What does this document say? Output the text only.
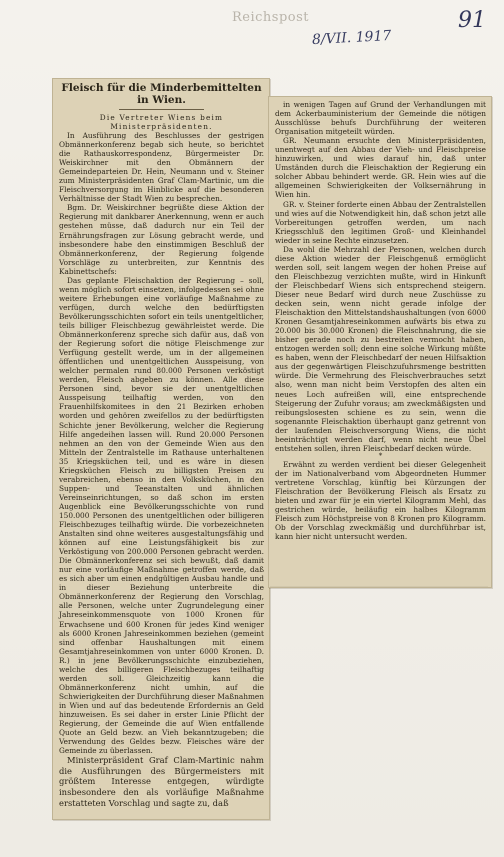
Reichspost
8/VII. 1917
91

Fleisch für die Minderbemittelten in Wien.

Die Vertreter Wiens beim Ministerpräsidenten.

In Ausführung des Beschlusses der gestrigen Obmännerkonferenz begab sich heute, so berichtet die Rathauskorrespondenz, Bürgermeister Dr. Weiskirchner mit den Obmännern der Gemeindeparteien Dr. Hein, Neumann und v. Steiner zum Ministerpräsidenten Graf Clam-Martinic, um die Fleischversorgung im Hinblicke auf die besonderen Verhältnisse der Stadt Wien zu besprechen.

Bgm. Dr. Weiskirchner begrüßte diese Aktion der Regierung mit dankbarer Anerkennung, wenn er auch gestehen müsse, daß dadurch nur ein Teil der Ernährungsfragen zur Lösung gebracht werde, und insbesondere habe den einstimmigen Beschluß der Obmännerkonferenz, der Regierung folgende Vorschläge zu unterbreiten, zur Kenntnis des Kabinettschefs:

Das geplante Fleischaktion der Regierung – soll, wenn möglich sofort einsetzen, infolgedessen sei ohne weitere Erhebungen eine vorläufige Maßnahme zu verfügen, durch welche den bedürftigsten Bevölkerungsschichten sofort ein teils unentgeltlicher, teils billiger Fleischbezug gewährleistet werde. Die Obmännerkonferenz spreche sich dafür aus, daß von der Regierung sofort die nötige Fleischmenge zur Verfügung gestellt werde, um in der allgemeinen öffentlichen und unentgeltlichen Ausspeisung, von welcher permalen rund 80.000 Personen verköstigt werden, Fleisch abgeben zu können. Alle diese Personen sind, bevor sie der unentgeltlichen Ausspeisung teilhaftig werden, von den Frauenhilfskomitees in den 21 Bezirken erhoben worden und gehören zweifellos zu der bedürftigsten Schichte jener Bevölkerung, welcher die Regierung Hilfe angedeihen lassen will. Rund 20.000 Personen nehmen an den von der Gemeinde Wien aus den Mitteln der Zentralstelle im Rathause unterhaltenen 35 Kriegsküchen teil, und es wäre in diesen Kriegsküchen Fleisch zu billigsten Preisen zu verabreichen, ebenso in den Volksküchen, in den Suppen- und Teeanstalten und ähnlichen Vereinseinrichtungen, so daß schon im ersten Augenblick eine Bevölkerungsschichte von rund 150.000 Personen des unentgeltlichen oder billigeren Fleischbezuges teilhaftig würde. Die vorbezeichneten Anstalten sind ohne weiteres ausgestaltungsfähig und können auf eine Leistungsfähigkeit bis zur Verköstigung von 200.000 Personen gebracht werden. Die Obmännerkonferenz sei sich bewußt, daß damit nur eine vorläufige Maßnahme getroffen werde, daß es sich aber um einen endgültigen Ausbau handle und in dieser Beziehung unterbreite die Obmännerkonferenz der Regierung den Vorschlag, alle Personen, welche unter Zugrundelegung einer Jahreseinkommensquote von 1000 Kronen für Erwachsene und 600 Kronen für jedes Kind weniger als 6000 Kronen Jahreseinkommen beziehen (gemeint sind offenbar Haushaltungen mit einem Gesamtjahreseinkommen von unter 6000 Kronen. D. R.) in jene Bevölkerungsschichte einzubeziehen, welche des billigeren Fleischbezuges teilhaftig werden soll. Gleichzeitig kann die Obmännerkonferenz nicht umhin, auf die Schwierigkeiten der Durchführung dieser Maßnahmen in Wien und auf das bedeutende Erfordernis an Geld hinzuweisen. Es sei daher in erster Linie Pflicht der Regierung, der Gemeinde die auf Wien entfallende Quote an Geld bezw. an Vieh bekanntzugeben; die Verwendung des Geldes bezw. Fleisches wäre der Gemeinde zu überlassen.

Ministerpräsident Graf Clam-Martinic nahm die Ausführungen des Bürgermeisters mit größtem Interesse entgegen, würdigte insbesondere den als vorläufige Maßnahme erstatteten Vorschlag und sagte zu, daß

in wenigen Tagen auf Grund der Verhandlungen mit dem Ackerbauministerium der Gemeinde die nötigen Ausschlüsse behufs Durchführung der weiteren Organisation mitgeteilt würden.

GR. Neumann ersuchte den Ministerpräsidenten, unentwegt auf den Abbau der Vieh- und Fleischpreise hinzuwirken, und wies darauf hin, daß unter Umständen durch die Fleischaktion der Regierung ein solcher Abbau behindert werde. GR. Hein wies auf die allgemeinen Schwierigkeiten der Volksernährung in Wien hin.

GR. v. Steiner forderte einen Abbau der Zentralstellen und wies auf die Notwendigkeit hin, daß schon jetzt alle Vorbereitungen getroffen werden, um nach Kriegsschluß den legitimen Groß- und Kleinhandel wieder in seine Rechte einzusetzen.

Da wohl die Mehrzahl der Personen, welchen durch diese Aktion wieder der Fleischgenuß ermöglicht werden soll, seit langem wegen der hohen Preise auf den Fleischbezug verzichten mußte, wird in Hinkunft der Fleischbedarf Wiens sich entsprechend steigern. Dieser neue Bedarf wird durch neue Zuschüsse zu decken sein, wenn nicht gerade infolge der Fleischaktion den Mittelstandshaushaltungen (von 6000 Kronen Gesamtjahreseinkommen aufwärts bis etwa zu 20.000 bis 30.000 Kronen) die Fleischnahrung, die sie bisher gerade noch zu bestreiten vermocht haben, entzogen werden soll; denn eine solche Wirkung müßte es haben, wenn der Fleischbedarf der neuen Hilfsaktion aus der gegenwärtigen Fleischzufuhrsmenge bestritten würde. Die Vermehrung des Fleischverbrauches setzt also, wenn man nicht beim Verstopfen des alten ein neues Loch aufreißen will, eine entsprechende Steigerung der Zufuhr voraus; am zweckmäßigsten und reibungslosesten schiene es zu sein, wenn die sogenannte Fleischaktion überhaupt ganz getrennt von der laufenden Fleischversorgung Wiens, die nicht beeinträchtigt werden darf, wenn nicht neue Übel entstehen sollen, ihren Fleischbedarf decken würde.

*

Erwähnt zu werden verdient bei dieser Gelegenheit der im Nationalverband vom Abgeordneten Hummer vertretene Vorschlag, künftig bei Kürzungen der Fleischration der Bevölkerung Fleisch als Ersatz zu bieten und zwar für je ein viertel Kilogramm Mehl, das gestrichen würde, beiläufig ein halbes Kilogramm Fleisch zum Höchstpreise von 8 Kronen pro Kilogramm. Ob der Vorschlag zweckmäßig und durchführbar ist, kann hier nicht untersucht werden.
